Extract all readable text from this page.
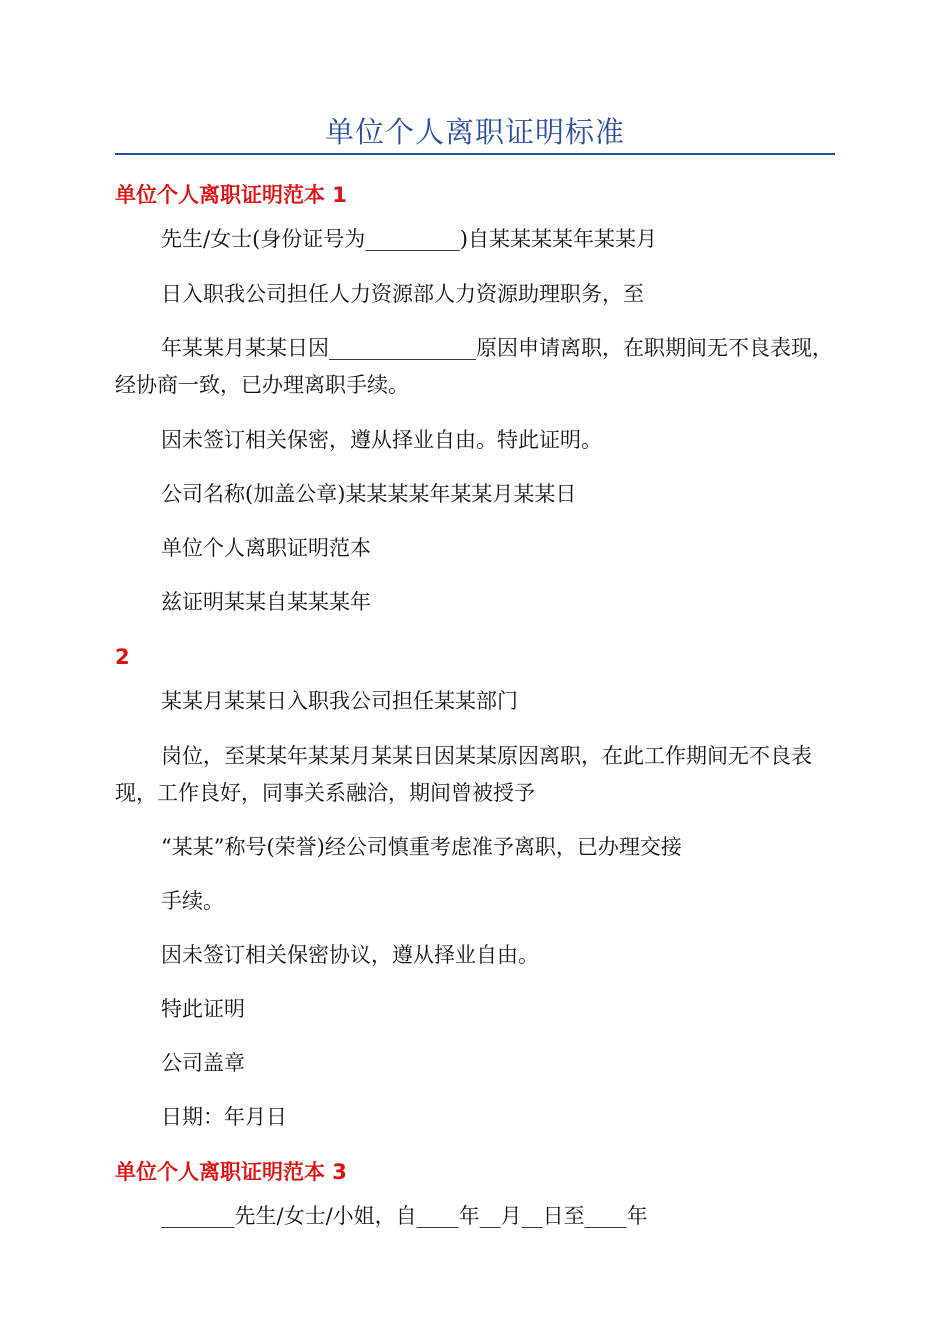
单位个人离职证明标准
单位个人离职证明范本 1
先生/女士(身份证号为_________)自某某某某年某某月
日入职我公司担任人力资源部人力资源助理职务，至
年某某月某某日因______________原因申请离职，在职期间无不良表现，经协商一致，已办理离职手续。
因未签订相关保密，遵从择业自由。特此证明。
公司名称(加盖公章)某某某某年某某月某某日
单位个人离职证明范本
兹证明某某自某某某年
2
某某月某某日入职我公司担任某某部门
岗位，至某某年某某月某某日因某某原因离职，在此工作期间无不良表现，工作良好，同事关系融洽，期间曾被授予
“某某”称号(荣誉)经公司慎重考虑准予离职，已办理交接
手续。
因未签订相关保密协议，遵从择业自由。
特此证明
公司盖章
日期：年月日
单位个人离职证明范本 3
_______先生/女士/小姐，自____年__月__日至____年
